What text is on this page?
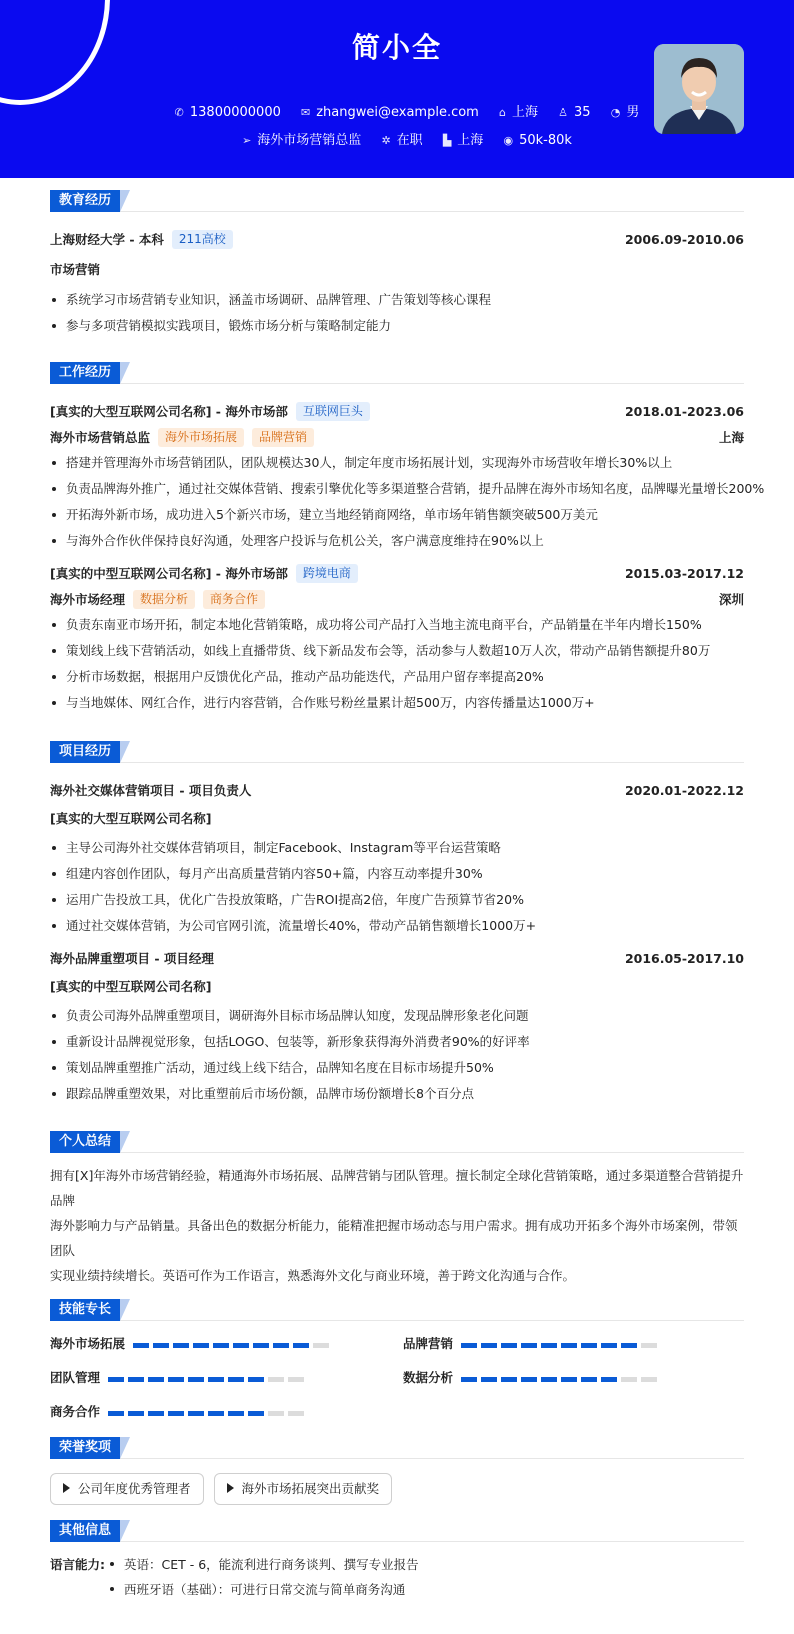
简小全
✆ 13800000000 ✉ zhangwei@example.com ⌂ 上海 ♙ 35 ◔ 男
➢ 海外市场营销总监 ✲ 在职 ▙ 上海 ◉ 50k-80k
教育经历
上海财经大学 - 本科	211高校	2006.09-2010.06
市场营销
系统学习市场营销专业知识，涵盖市场调研、品牌管理、广告策划等核心课程
参与多项营销模拟实践项目，锻炼市场分析与策略制定能力
工作经历
[真实的大型互联网公司名称] - 海外市场部	互联网巨头	2018.01-2023.06
海外市场营销总监	海外市场拓展	品牌营销	上海
搭建并管理海外市场营销团队，团队规模达30人，制定年度市场拓展计划，实现海外市场营收年增长30%以上
负责品牌海外推广，通过社交媒体营销、搜索引擎优化等多渠道整合营销，提升品牌在海外市场知名度，品牌曝光量增长200%
开拓海外新市场，成功进入5个新兴市场，建立当地经销商网络，单市场年销售额突破500万美元
与海外合作伙伴保持良好沟通，处理客户投诉与危机公关，客户满意度维持在90%以上
[真实的中型互联网公司名称] - 海外市场部	跨境电商	2015.03-2017.12
海外市场经理	数据分析	商务合作	深圳
负责东南亚市场开拓，制定本地化营销策略，成功将公司产品打入当地主流电商平台，产品销量在半年内增长150%
策划线上线下营销活动，如线上直播带货、线下新品发布会等，活动参与人数超10万人次，带动产品销售额提升80万
分析市场数据，根据用户反馈优化产品，推动产品功能迭代，产品用户留存率提高20%
与当地媒体、网红合作，进行内容营销，合作账号粉丝量累计超500万，内容传播量达1000万+
项目经历
海外社交媒体营销项目 - 项目负责人	2020.01-2022.12
[真实的大型互联网公司名称]
主导公司海外社交媒体营销项目，制定Facebook、Instagram等平台运营策略
组建内容创作团队，每月产出高质量营销内容50+篇，内容互动率提升30%
运用广告投放工具，优化广告投放策略，广告ROI提高2倍，年度广告预算节省20%
通过社交媒体营销，为公司官网引流，流量增长40%，带动产品销售额增长1000万+
海外品牌重塑项目 - 项目经理	2016.05-2017.10
[真实的中型互联网公司名称]
负责公司海外品牌重塑项目，调研海外目标市场品牌认知度，发现品牌形象老化问题
重新设计品牌视觉形象，包括LOGO、包装等，新形象获得海外消费者90%的好评率
策划品牌重塑推广活动，通过线上线下结合，品牌知名度在目标市场提升50%
跟踪品牌重塑效果，对比重塑前后市场份额，品牌市场份额增长8个百分点
个人总结
拥有[X]年海外市场营销经验，精通海外市场拓展、品牌营销与团队管理。擅长制定全球化营销策略，通过多渠道整合营销提升品牌
海外影响力与产品销量。具备出色的数据分析能力，能精准把握市场动态与用户需求。拥有成功开拓多个海外市场案例，带领团队
实现业绩持续增长。英语可作为工作语言，熟悉海外文化与商业环境，善于跨文化沟通与合作。
技能专长
海外市场拓展	品牌营销
团队管理	数据分析
商务合作
荣誉奖项
公司年度优秀管理者	海外市场拓展突出贡献奖
其他信息
语言能力:	英语：CET - 6，能流利进行商务谈判、撰写专业报告
西班牙语（基础）：可进行日常交流与简单商务沟通
